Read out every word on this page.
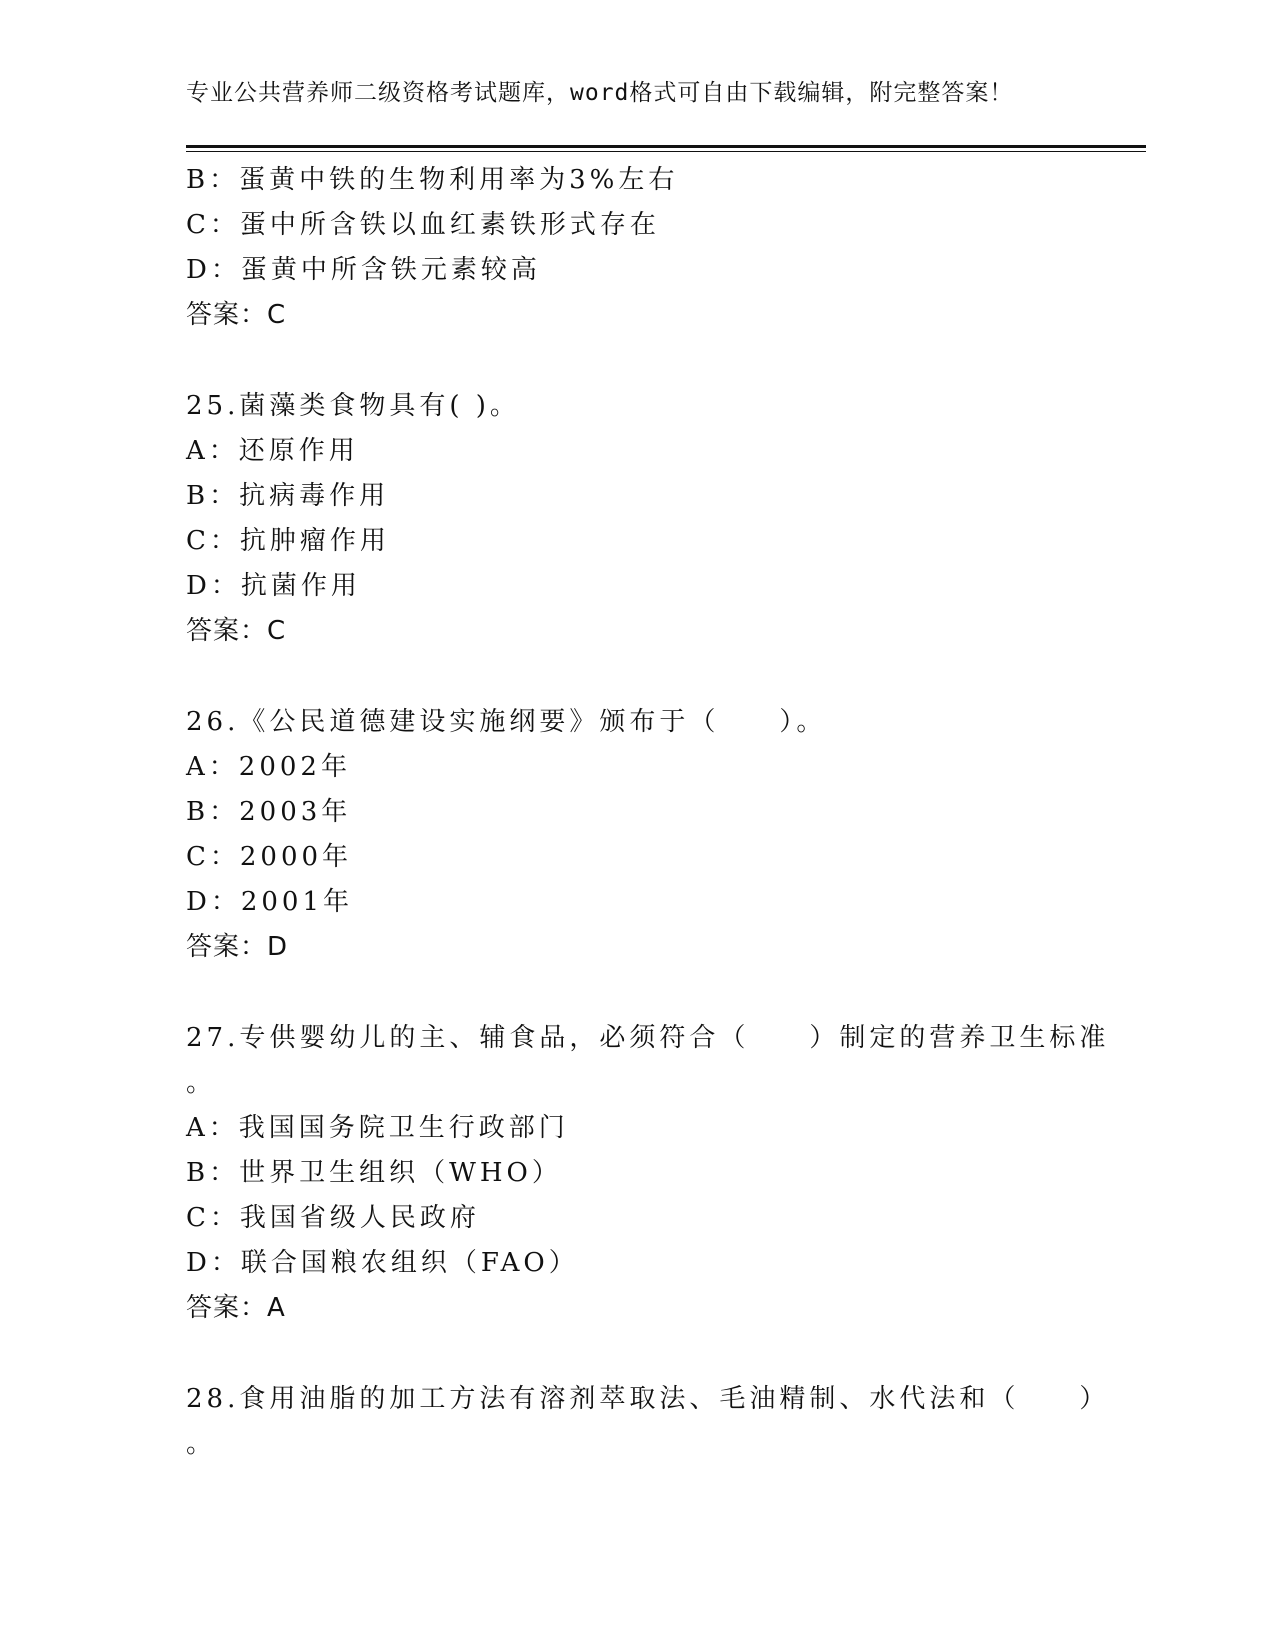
专业公共营养师二级资格考试题库，word格式可自由下载编辑，附完整答案！
B：蛋黄中铁的生物利用率为3%左右
C：蛋中所含铁以血红素铁形式存在
D：蛋黄中所含铁元素较高
答案：C
25.菌藻类食物具有( )。
A：还原作用
B：抗病毒作用
C：抗肿瘤作用
D：抗菌作用
答案：C
26.《公民道德建设实施纲要》颁布于（　　）。
A：2002年
B：2003年
C：2000年
D：2001年
答案：D
27.专供婴幼儿的主、辅食品，必须符合（　　）制定的营养卫生标准
。
A：我国国务院卫生行政部门
B：世界卫生组织（WHO）
C：我国省级人民政府
D：联合国粮农组织（FAO）
答案：A
28.食用油脂的加工方法有溶剂萃取法、毛油精制、水代法和（　　）
。
